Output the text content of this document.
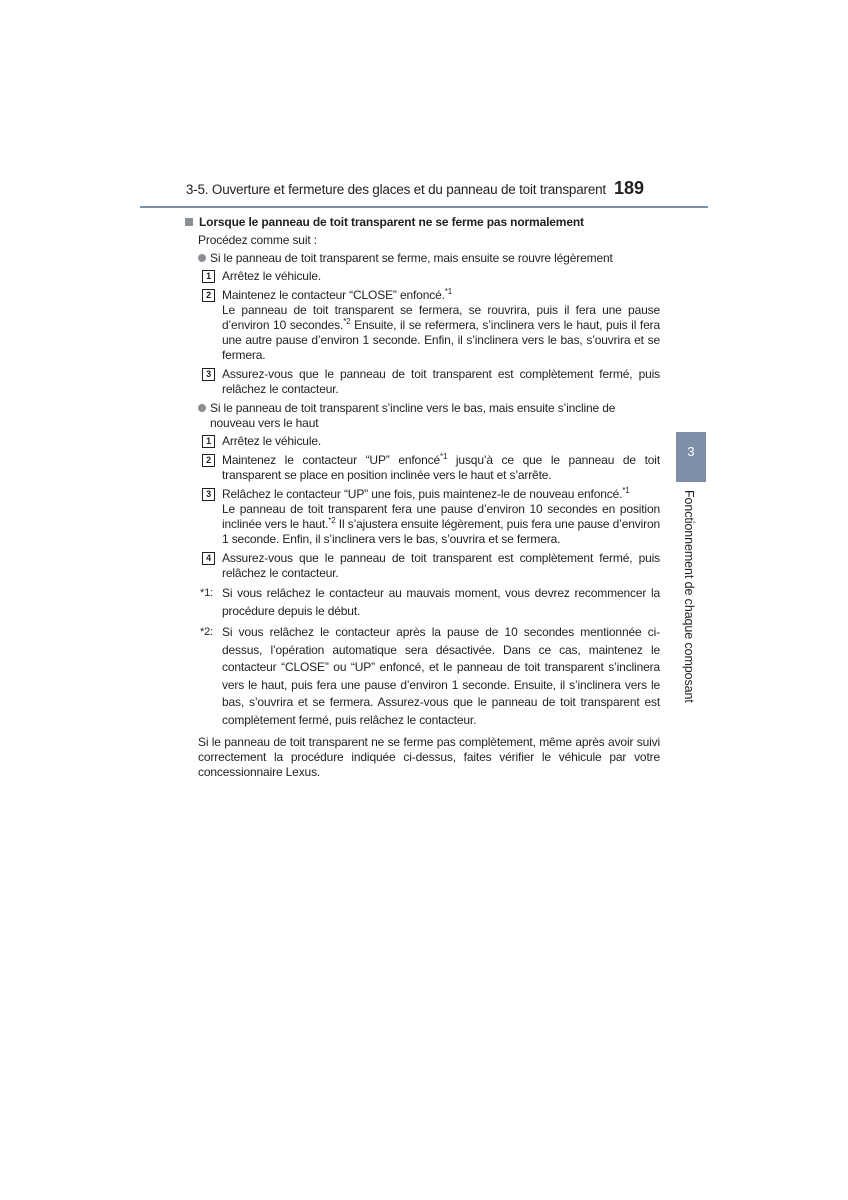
3-5. Ouverture et fermeture des glaces et du panneau de toit transparent 189
Lorsque le panneau de toit transparent ne se ferme pas normalement
Procédez comme suit :
Si le panneau de toit transparent se ferme, mais ensuite se rouvre légèrement
1 Arrêtez le véhicule.
2 Maintenez le contacteur “CLOSE” enfoncé.$^{*1}$
Le panneau de toit transparent se fermera, se rouvrira, puis il fera une pause d’environ 10 secondes.$^{*2}$ Ensuite, il se refermera, s’inclinera vers le haut, puis il fera une autre pause d’environ 1 seconde. Enfin, il s’inclinera vers le bas, s’ouvrira et se fermera.
3 Assurez-vous que le panneau de toit transparent est complètement fermé, puis relâchez le contacteur.
Si le panneau de toit transparent s’incline vers le bas, mais ensuite s’incline de nouveau vers le haut
1 Arrêtez le véhicule.
2 Maintenez le contacteur “UP” enfoncé$^{*1}$ jusqu’à ce que le panneau de toit transparent se place en position inclinée vers le haut et s’arrête.
3 Relâchez le contacteur “UP” une fois, puis maintenez-le de nouveau enfoncé.$^{*1}$
Le panneau de toit transparent fera une pause d’environ 10 secondes en position inclinée vers le haut.$^{*2}$ Il s’ajustera ensuite légèrement, puis fera une pause d’environ 1 seconde. Enfin, il s’inclinera vers le bas, s’ouvrira et se fermera.
4 Assurez-vous que le panneau de toit transparent est complètement fermé, puis relâchez le contacteur.
*1: Si vous relâchez le contacteur au mauvais moment, vous devrez recommencer la procédure depuis le début.
*2: Si vous relâchez le contacteur après la pause de 10 secondes mentionnée ci-dessus, l’opération automatique sera désactivée. Dans ce cas, maintenez le contacteur “CLOSE” ou “UP” enfoncé, et le panneau de toit transparent s’inclinera vers le haut, puis fera une pause d’environ 1 seconde. Ensuite, il s’inclinera vers le bas, s’ouvrira et se fermera. Assurez-vous que le panneau de toit transparent est complètement fermé, puis relâchez le contacteur.
Si le panneau de toit transparent ne se ferme pas complètement, même après avoir suivi correctement la procédure indiquée ci-dessus, faites vérifier le véhicule par votre concessionnaire Lexus.
3
Fonctionnement de chaque composant
